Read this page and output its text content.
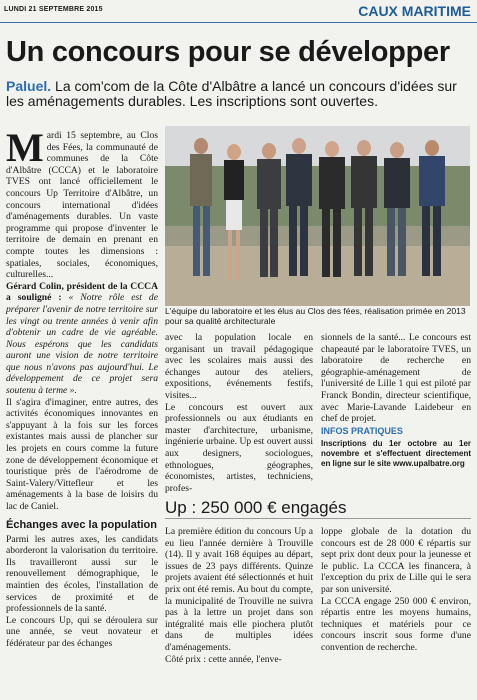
LUNDI 21 SEPTEMBRE 2015	CAUX MARITIME
Un concours pour se développer
Paluel. La com'com de la Côte d'Albâtre a lancé un concours d'idées sur les aménagements durables. Les inscriptions sont ouvertes.

Mardi 15 septembre, au Clos des Fées, la communauté de communes de la Côte d'Albâtre (CCCA) et le laboratoire TVES ont lancé officiellement le concours Up Territoire d'Albâtre, un concours international d'idées d'aménagements durables. Un vaste programme qui propose d'inventer le territoire de demain en prenant en compte toutes les dimensions : spatiales, sociales, économiques, culturelles...

Gérard Colin, président de la CCCA a souligné : « Notre rôle est de préparer l'avenir de notre territoire sur les vingt ou trente années à venir afin d'obtenir un cadre de vie agréable. Nous espérons que les candidats auront une vision de notre territoire que nous n'avons pas aujourd'hui. Le développement de ce projet sera soutenu à terme ».

Il s'agira d'imaginer, entre autres, des activités économiques innovantes en s'appuyant à la fois sur les forces existantes mais aussi de plancher sur les projets en cours comme la future zone de développement économique et touristique près de l'aérodrome de Saint-Valery/Vittefleur et les aménagements à la base de loisirs du lac de Caniel.

Échanges avec la population

Parmi les autres axes, les candidats aborderont la valorisation du territoire. Ils travailleront aussi sur le renouvellement démographique, le maintien des écoles, l'installation de services de proximité et de professionnels de la santé.

Le concours Up, qui se déroulera sur une année, se veut novateur et fédérateur par des échanges

L'équipe du laboratoire et les élus au Clos des fées, réalisation primée en 2013 pour sa qualité architecturale

avec la population locale en organisant un travail pédagogique avec les scolaires mais aussi des échanges autour des ateliers, expositions, événements festifs, visites...

Le concours est ouvert aux professionnels ou aux étudiants en master d'architecture, urbanisme, ingénierie urbaine. Up est ouvert aussi aux designers, sociologues, ethnologues, géographes, économistes, artistes, techniciens, profes-

sionnels de la santé... Le concours est chapeauté par le laboratoire TVES, un laboratoire de recherche en géographie-aménagement de l'université de Lille 1 qui est piloté par Franck Bondin, directeur scientifique, avec Marie-Lavande Laidebeur en chef de projet.

INFOS PRATIQUES
Inscriptions du 1er octobre au 1er novembre et s'effectuent directement en ligne sur le site www.upalbatre.org
Up : 250 000 € engagés

La première édition du concours Up a eu lieu l'année dernière à Trouville (14). Il y avait 168 équipes au départ, issues de 23 pays différents. Quinze projets avaient été sélectionnés et huit prix ont été remis. Au bout du compte, la municipalité de Trouville ne suivra pas à la lettre un projet dans son intégralité mais elle piochera plutôt dans de multiples idées d'aménagements.

Côté prix : cette année, l'enve-

loppe globale de la dotation du concours est de 28 000 € répartis sur sept prix dont deux pour la jeunesse et le public. La CCCA les financera, à l'exception du prix de Lille qui le sera par son université.

La CCCA engage 250 000 € environ, répartis entre les moyens humains, techniques et matériels pour ce concours inscrit sous forme d'une convention de recherche.
